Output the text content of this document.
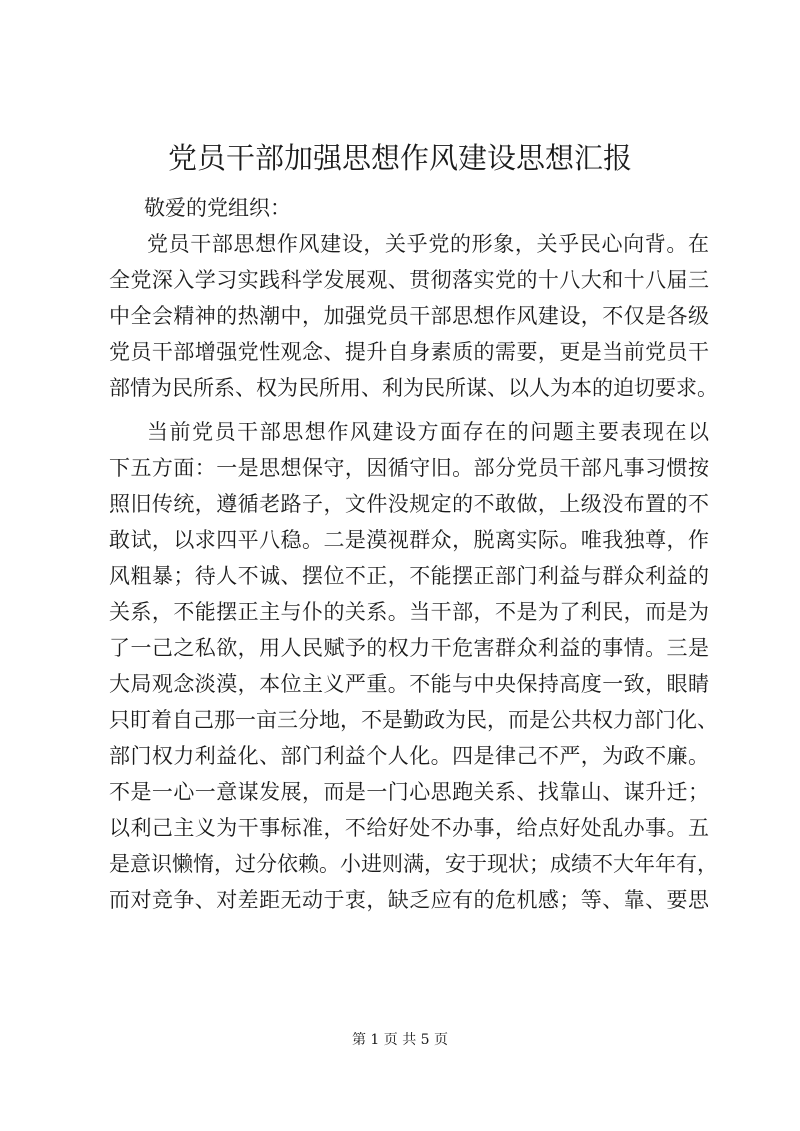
党员干部加强思想作风建设思想汇报

敬爱的党组织：

党员干部思想作风建设，关乎党的形象，关乎民心向背。在

全党深入学习实践科学发展观、贯彻落实党的十八大和十八届三

中全会精神的热潮中，加强党员干部思想作风建设，不仅是各级

党员干部增强党性观念、提升自身素质的需要，更是当前党员干

部情为民所系、权为民所用、利为民所谋、以人为本的迫切要求。

当前党员干部思想作风建设方面存在的问题主要表现在以

下五方面：一是思想保守，因循守旧。部分党员干部凡事习惯按

照旧传统，遵循老路子，文件没规定的不敢做，上级没布置的不

敢试，以求四平八稳。二是漠视群众，脱离实际。唯我独尊，作

风粗暴；待人不诚、摆位不正，不能摆正部门利益与群众利益的

关系，不能摆正主与仆的关系。当干部，不是为了利民，而是为

了一己之私欲，用人民赋予的权力干危害群众利益的事情。三是

大局观念淡漠，本位主义严重。不能与中央保持高度一致，眼睛

只盯着自己那一亩三分地，不是勤政为民，而是公共权力部门化、

部门权力利益化、部门利益个人化。四是律己不严，为政不廉。

不是一心一意谋发展，而是一门心思跑关系、找靠山、谋升迁；

以利己主义为干事标准，不给好处不办事，给点好处乱办事。五

是意识懒惰，过分依赖。小进则满，安于现状；成绩不大年年有，

而对竞争、对差距无动于衷，缺乏应有的危机感；等、靠、要思

第 1 页 共 5 页
